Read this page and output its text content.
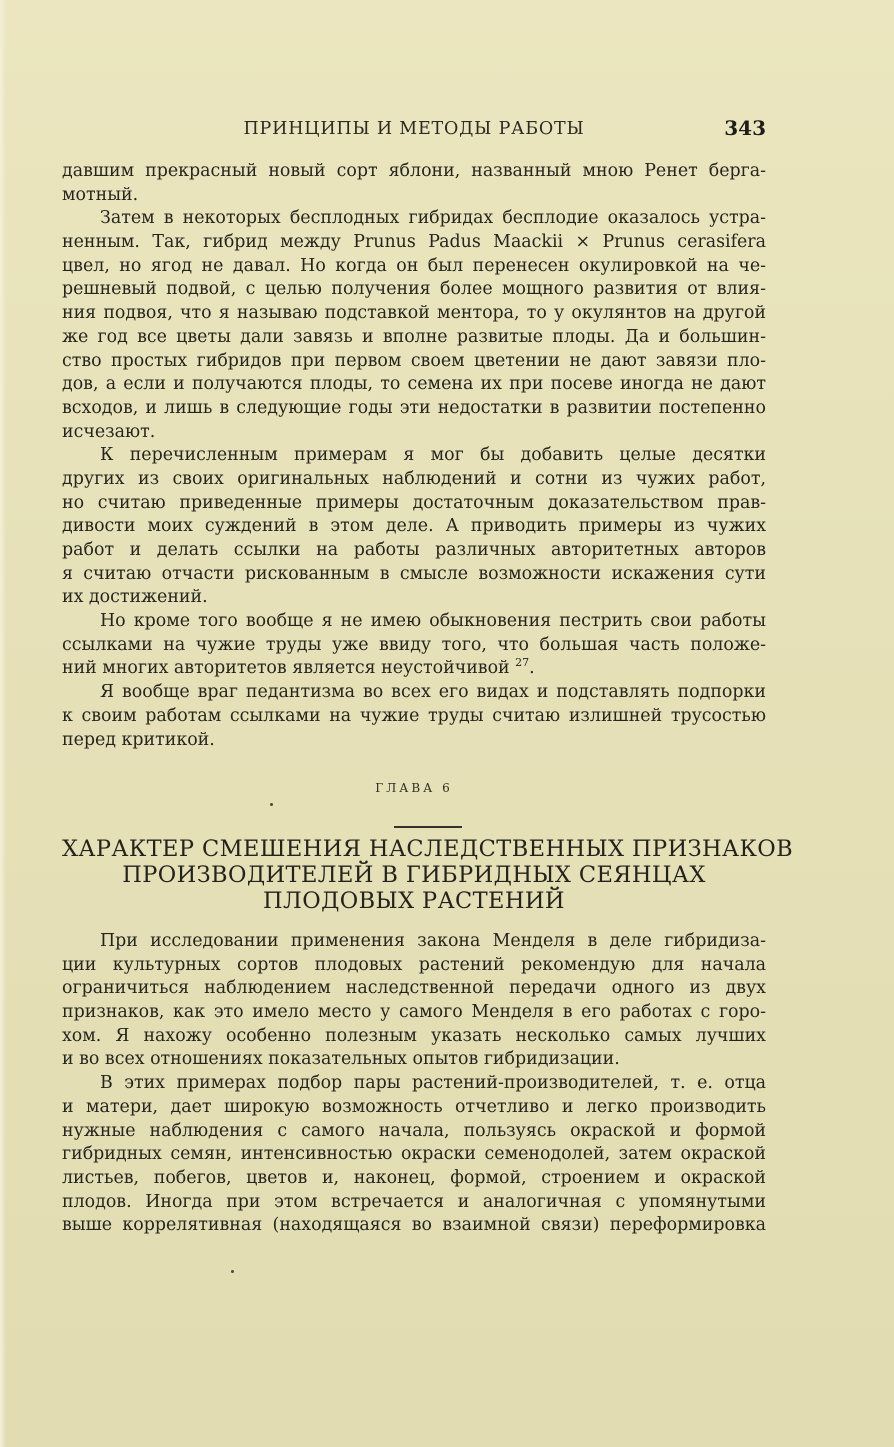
ПРИНЦИПЫ И МЕТОДЫ РАБОТЫ	343
давшим прекрасный новый сорт яблони, названный мною Ренет берга-
мотный.
Затем в некоторых бесплодных гибридах бесплодие оказалось устра-
ненным. Так, гибрид между Prunus Padus Maackii × Prunus cerasifera
цвел, но ягод не давал. Но когда он был перенесен окулировкой на че-
решневый подвой, с целью получения более мощного развития от влия-
ния подвоя, что я называю подставкой ментора, то у окулянтов на другой
же год все цветы дали завязь и вполне развитые плоды. Да и большин-
ство простых гибридов при первом своем цветении не дают завязи пло-
дов, а если и получаются плоды, то семена их при посеве иногда не дают
всходов, и лишь в следующие годы эти недостатки в развитии постепенно
исчезают.
К перечисленным примерам я мог бы добавить целые десятки
других из своих оригинальных наблюдений и сотни из чужих работ,
но считаю приведенные примеры достаточным доказательством прав-
дивости моих суждений в этом деле. А приводить примеры из чужих
работ и делать ссылки на работы различных авторитетных авторов
я считаю отчасти рискованным в смысле возможности искажения сути
их достижений.
Но кроме того вообще я не имею обыкновения пестрить свои работы
ссылками на чужие труды уже ввиду того, что большая часть положе-
ний многих авторитетов является неустойчивой $^{27}$.
Я вообще враг педантизма во всех его видах и подставлять подпорки
к своим работам ссылками на чужие труды считаю излишней трусостью
перед критикой.
ГЛАВА 6
ХАРАКТЕР СМЕШЕНИЯ НАСЛЕДСТВЕННЫХ ПРИЗНАКОВ
ПРОИЗВОДИТЕЛЕЙ В ГИБРИДНЫХ СЕЯНЦАХ
ПЛОДОВЫХ РАСТЕНИЙ
При исследовании применения закона Менделя в деле гибридиза-
ции культурных сортов плодовых растений рекомендую для начала
ограничиться наблюдением наследственной передачи одного из двух
признаков, как это имело место у самого Менделя в его работах с горо-
хом. Я нахожу особенно полезным указать несколько самых лучших
и во всех отношениях показательных опытов гибридизации.
В этих примерах подбор пары растений-производителей, т. е. отца
и матери, дает широкую возможность отчетливо и легко производить
нужные наблюдения с самого начала, пользуясь окраской и формой
гибридных семян, интенсивностью окраски семенодолей, затем окраской
листьев, побегов, цветов и, наконец, формой, строением и окраской
плодов. Иногда при этом встречается и аналогичная с упомянутыми
выше коррелятивная (находящаяся во взаимной связи) переформировка
